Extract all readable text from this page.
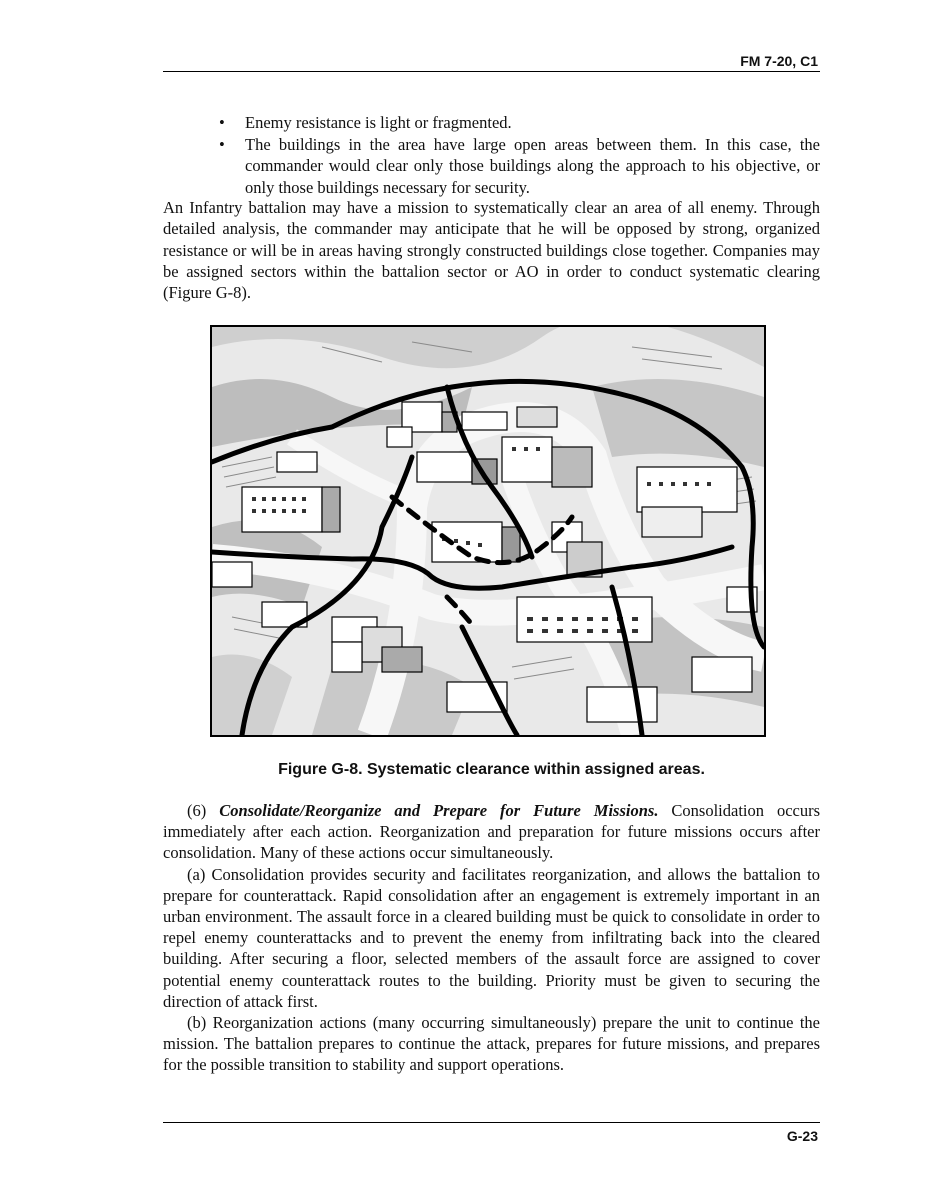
FM 7-20, C1
• Enemy resistance is light or fragmented.
• The buildings in the area have large open areas between them. In this case, the commander would clear only those buildings along the approach to his objective, or only those buildings necessary for security.

An Infantry battalion may have a mission to systematically clear an area of all enemy. Through detailed analysis, the commander may anticipate that he will be opposed by strong, organized resistance or will be in areas having strongly constructed buildings close together. Companies may be assigned sectors within the battalion sector or AO in order to conduct systematic clearing (Figure G-8).

Figure G-8. Systematic clearance within assigned areas.

(6) Consolidate/Reorganize and Prepare for Future Missions. Consolidation occurs immediately after each action. Reorganization and preparation for future missions occurs after consolidation. Many of these actions occur simultaneously.

(a) Consolidation provides security and facilitates reorganization, and allows the battalion to prepare for counterattack. Rapid consolidation after an engagement is extremely important in an urban environment. The assault force in a cleared building must be quick to consolidate in order to repel enemy counterattacks and to prevent the enemy from infiltrating back into the cleared building. After securing a floor, selected members of the assault force are assigned to cover potential enemy counterattack routes to the building. Priority must be given to securing the direction of attack first.

(b) Reorganization actions (many occurring simultaneously) prepare the unit to continue the mission. The battalion prepares to continue the attack, prepares for future missions, and prepares for the possible transition to stability and support operations.

G-23
